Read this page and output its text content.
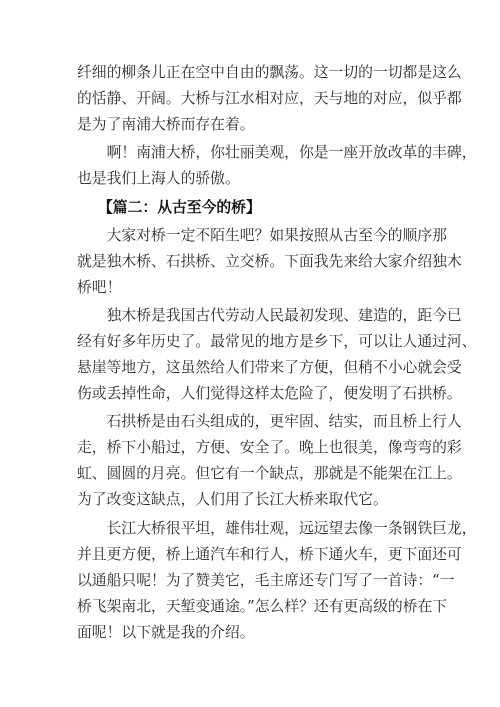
纤细的柳条儿正在空中自由的飘荡。这一切的一切都是这么
的恬静、开阔。大桥与江水相对应，天与地的对应，似乎都
是为了南浦大桥而存在着。
　　啊！南浦大桥，你壮丽美观，你是一座开放改革的丰碑，
也是我们上海人的骄傲。
【篇二：从古至今的桥】
　　大家对桥一定不陌生吧？如果按照从古至今的顺序那
就是独木桥、石拱桥、立交桥。下面我先来给大家介绍独木
桥吧！
　　独木桥是我国古代劳动人民最初发现、建造的，距今已
经有好多年历史了。最常见的地方是乡下，可以让人通过河、
悬崖等地方，这虽然给人们带来了方便，但稍不小心就会受
伤或丢掉性命，人们觉得这样太危险了，便发明了石拱桥。
　　石拱桥是由石头组成的，更牢固、结实，而且桥上行人
走，桥下小船过，方便、安全了。晚上也很美，像弯弯的彩
虹、圆圆的月亮。但它有一个缺点，那就是不能架在江上。
为了改变这缺点，人们用了长江大桥来取代它。
　　长江大桥很平坦，雄伟壮观，远远望去像一条钢铁巨龙，
并且更方便，桥上通汽车和行人，桥下通火车，更下面还可
以通船只呢！为了赞美它，毛主席还专门写了一首诗：“一
桥飞架南北，天堑变通途。”怎么样？还有更高级的桥在下
面呢！以下就是我的介绍。
